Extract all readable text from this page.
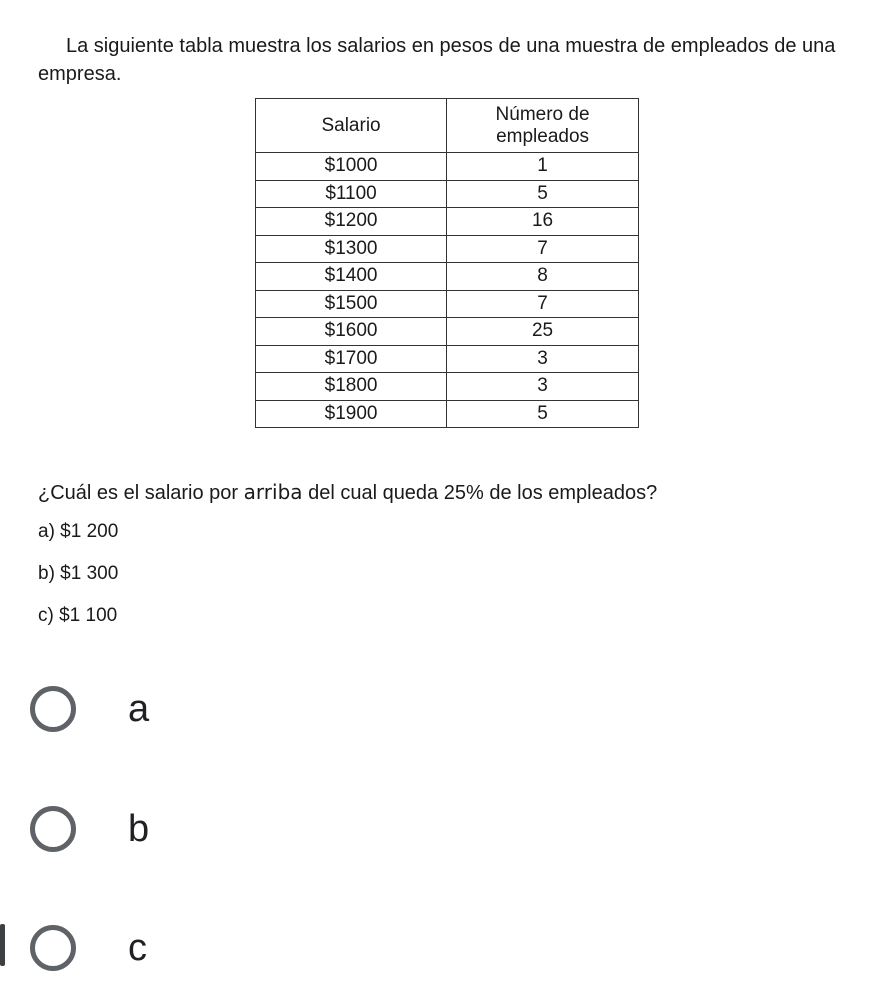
La siguiente tabla muestra los salarios en pesos de una muestra de empleados de una empresa.
Salario	Número de empleados
$1000	1
$1100	5
$1200	16
$1300	7
$1400	8
$1500	7
$1600	25
$1700	3
$1800	3
$1900	5
¿Cuál es el salario por arriba del cual queda 25% de los empleados?
a) $1 200
b) $1 300
c) $1 100
a
b
c
